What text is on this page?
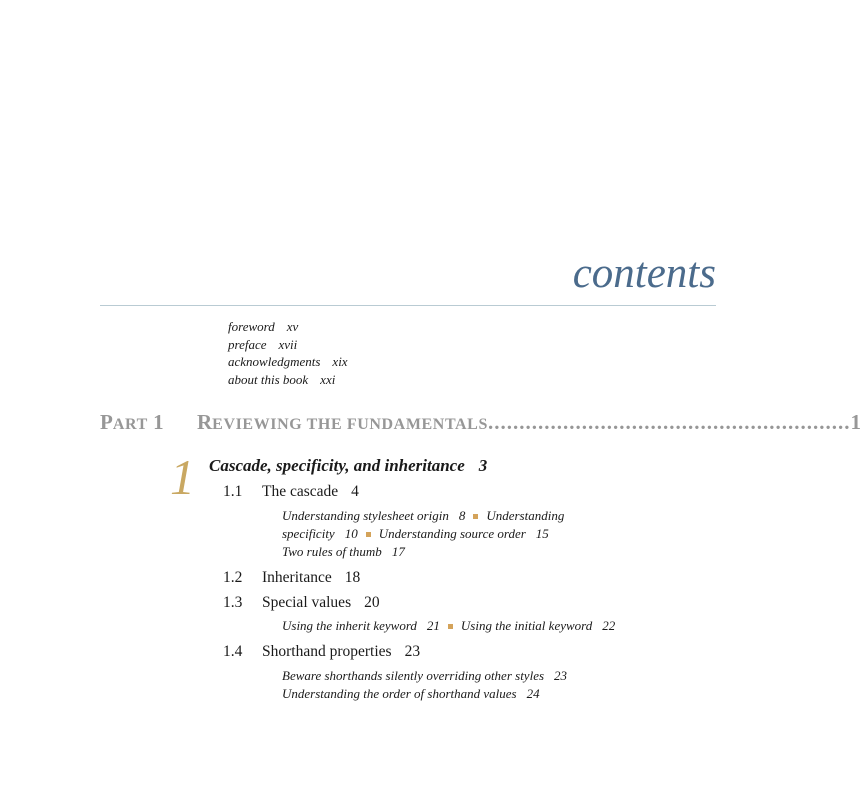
contents
foreword xv
preface xvii
acknowledgments xix
about this book xxi
PART 1	REVIEWING THE FUNDAMENTALS .......................................................... 1
1 Cascade, specificity, and inheritance 3
1.1 The cascade 4
Understanding stylesheet origin 8 Understanding
specificity 10 Understanding source order 15
Two rules of thumb 17
1.2 Inheritance 18
1.3 Special values 20
Using the inherit keyword 21 Using the initial keyword 22
1.4 Shorthand properties 23
Beware shorthands silently overriding other styles 23
Understanding the order of shorthand values 24
